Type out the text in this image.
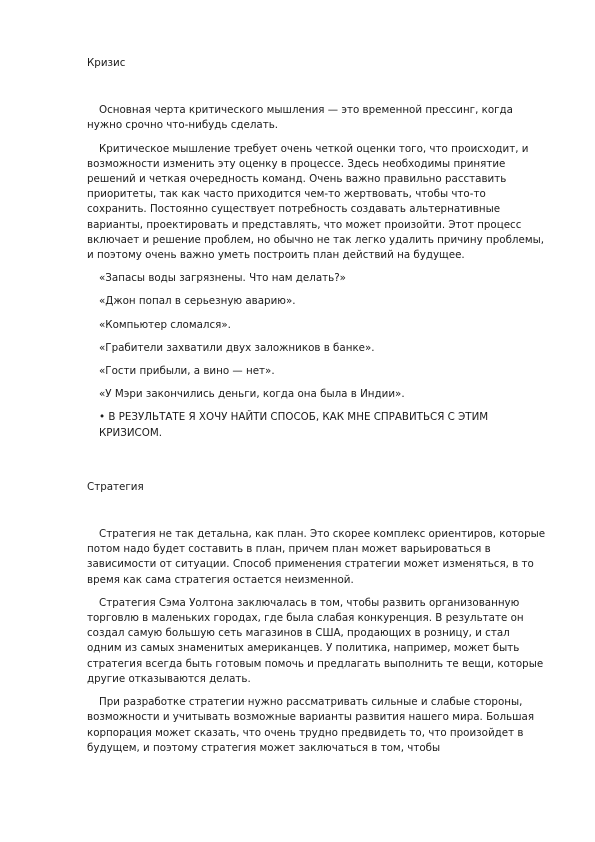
Кризис

Основная черта критического мышления — это временной прессинг, когда нужно срочно что-нибудь сделать.

Критическое мышление требует очень четкой оценки того, что происходит, и возможности изменить эту оценку в процессе. Здесь необходимы принятие решений и четкая очередность команд. Очень важно правильно расставить приоритеты, так как часто приходится чем-то жертвовать, чтобы что-то сохранить. Постоянно существует потребность создавать альтернативные варианты, проектировать и представлять, что может произойти. Этот процесс включает и решение проблем, но обычно не так легко удалить причину проблемы, и поэтому очень важно уметь построить план действий на будущее.

«Запасы воды загрязнены. Что нам делать?»

«Джон попал в серьезную аварию».

«Компьютер сломался».

«Грабители захватили двух заложников в банке».

«Гости прибыли, а вино — нет».

«У Мэри закончились деньги, когда она была в Индии».

• В РЕЗУЛЬТАТЕ Я ХОЧУ НАЙТИ СПОСОБ, КАК МНЕ СПРАВИТЬСЯ С ЭТИМ КРИЗИСОМ.

Стратегия

Стратегия не так детальна, как план. Это скорее комплекс ориентиров, которые потом надо будет составить в план, причем план может варьироваться в зависимости от ситуации. Способ применения стратегии может изменяться, в то время как сама стратегия остается неизменной.

Стратегия Сэма Уолтона заключалась в том, чтобы развить организованную торговлю в маленьких городах, где была слабая конкуренция. В результате он создал самую большую сеть магазинов в США, продающих в розницу, и стал одним из самых знаменитых американцев. У политика, например, может быть стратегия всегда быть готовым помочь и предлагать выполнить те вещи, которые другие отказываются делать.

При разработке стратегии нужно рассматривать сильные и слабые стороны, возможности и учитывать возможные варианты развития нашего мира. Большая корпорация может сказать, что очень трудно предвидеть то, что произойдет в будущем, и поэтому стратегия может заключаться в том, чтобы
